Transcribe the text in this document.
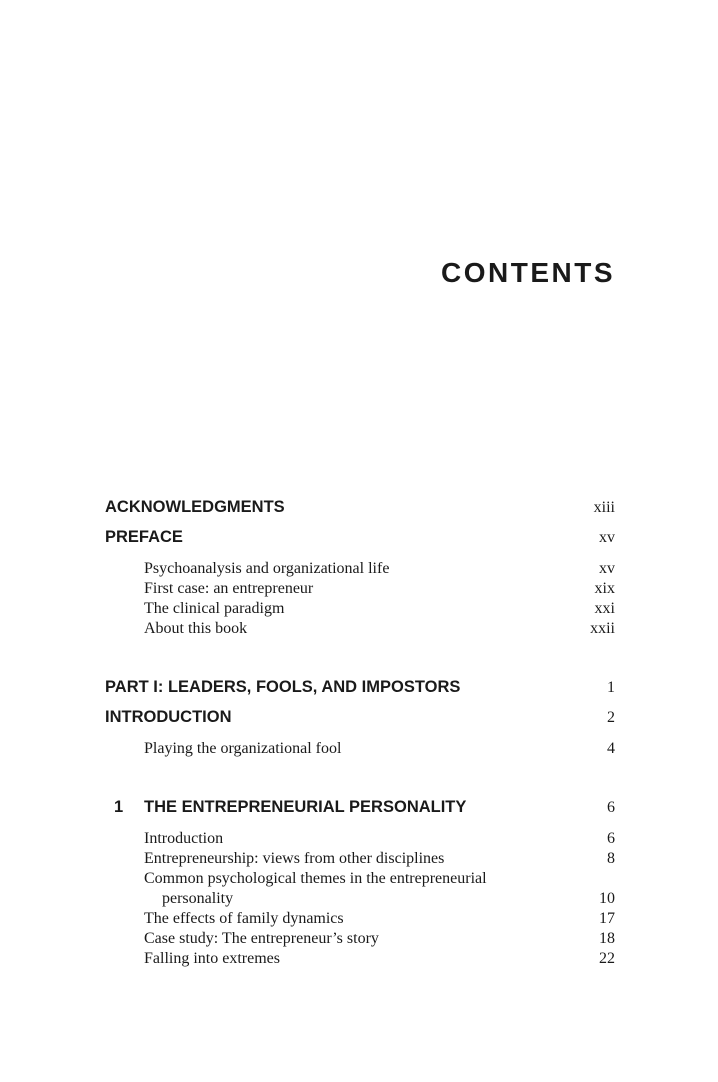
CONTENTS
ACKNOWLEDGMENTS	xiii
PREFACE	xv
Psychoanalysis and organizational life	xv
First case: an entrepreneur	xix
The clinical paradigm	xxi
About this book	xxii
PART I: LEADERS, FOOLS, AND IMPOSTORS	1
INTRODUCTION	2
Playing the organizational fool	4
1 THE ENTREPRENEURIAL PERSONALITY	6
Introduction	6
Entrepreneurship: views from other disciplines	8
Common psychological themes in the entrepreneurial
personality	10
The effects of family dynamics	17
Case study: The entrepreneur’s story	18
Falling into extremes	22
